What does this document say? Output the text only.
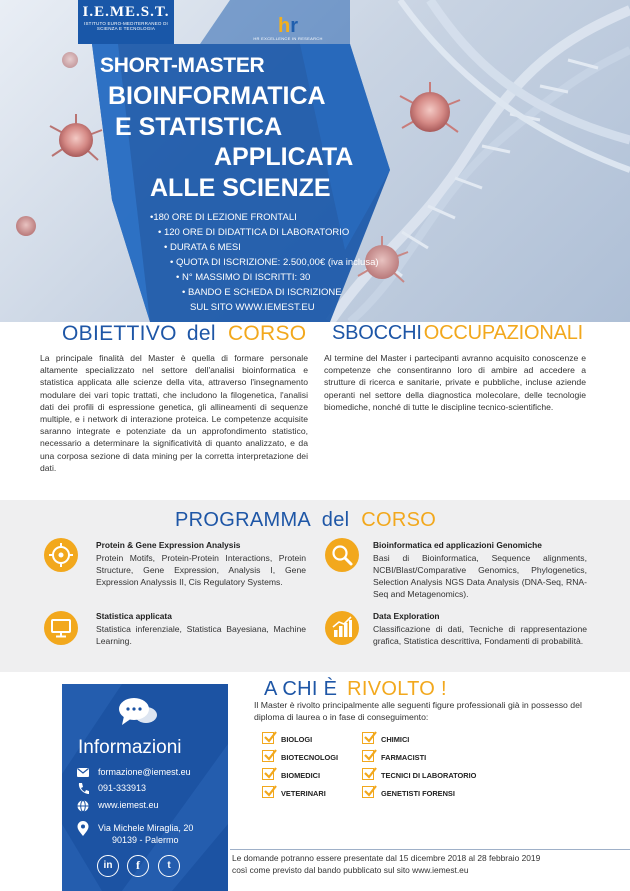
I.E.ME.S.T.
ISTITUTO EURO-MEDITERRANEO DI SCIENZA E TECNOLOGIA	hr
HR EXCELLENCE IN RESEARCH
SHORT-MASTER
BIOINFORMATICA
E STATISTICA
APPLICATA
ALLE SCIENZE
•180 ORE DI LEZIONE FRONTALI
• 120 ORE DI DIDATTICA DI LABORATORIO
• DURATA 6 MESI
• QUOTA DI ISCRIZIONE: 2.500,00€ (iva inclusa)
• N° MASSIMO DI ISCRITTI: 30
• BANDO E SCHEDA DI ISCRIZIONE
SUL SITO WWW.IEMEST.EU
OBIETTIVO del CORSO
La principale finalità del Master è quella di formare personale altamente specializzato nel settore dell'analisi bioinformatica e statistica applicata alle scienze della vita, attraverso l'insegnamento modulare dei vari topic trattati, che includono la filogenetica, l'analisi dati dei profili di espressione genetica, gli allineamenti di sequenze multiple, e i network di interazione proteica. Le competenze acquisite saranno integrate e potenziate da un approfondimento statistico, necessario a determinare la significatività di quanto analizzato, e da una corposa sezione di data mining per la corretta interpretazione dei dati.
SBOCCHI OCCUPAZIONALI
Al termine del Master i partecipanti avranno acquisito conoscenze e competenze che consentiranno loro di ambire ad accedere a strutture di ricerca e sanitarie, private e pubbliche, incluse aziende operanti nel settore della diagnostica molecolare, delle tecnologie biomediche, nonché di tutte le discipline tecnico-scientifiche.
PROGRAMMA del CORSO
Protein & Gene Expression Analysis
Protein Motifs, Protein-Protein Interactions, Protein Structure, Gene Expression, Analysis I, Gene Expression Analyssis II, Cis Regulatory Systems.
Bioinformatica ed applicazioni Genomiche
Basi di Bioinformatica, Sequence alignments, NCBI/Blast/Comparative Genomics, Phylogenetics, Selection Analysis NGS Data Analysis (DNA-Seq, RNA-Seq and Metagenomics).
Statistica applicata
Statistica inferenziale, Statistica Bayesiana, Machine Learning.
Data Exploration
Classificazione di dati, Tecniche di rappresentazione grafica, Statistica descrittiva, Fondamenti di probabilità.
Informazioni
formazione@iemest.eu
091-333913
www.iemest.eu
Via Michele Miraglia, 20
90139 - Palermo
in	f	t
A CHI È RIVOLTO !
Il Master è rivolto principalmente alle seguenti figure professionali già in possesso del diploma di laurea o in fase di conseguimento:
BIOLOGI
BIOTECNOLOGI
BIOMEDICI
VETERINARI
CHIMICI
FARMACISTI
TECNICI DI LABORATORIO
GENETISTI FORENSI
Le domande potranno essere presentate dal 15 dicembre 2018 al 28 febbraio 2019
così come previsto dal bando pubblicato sul sito www.iemest.eu
